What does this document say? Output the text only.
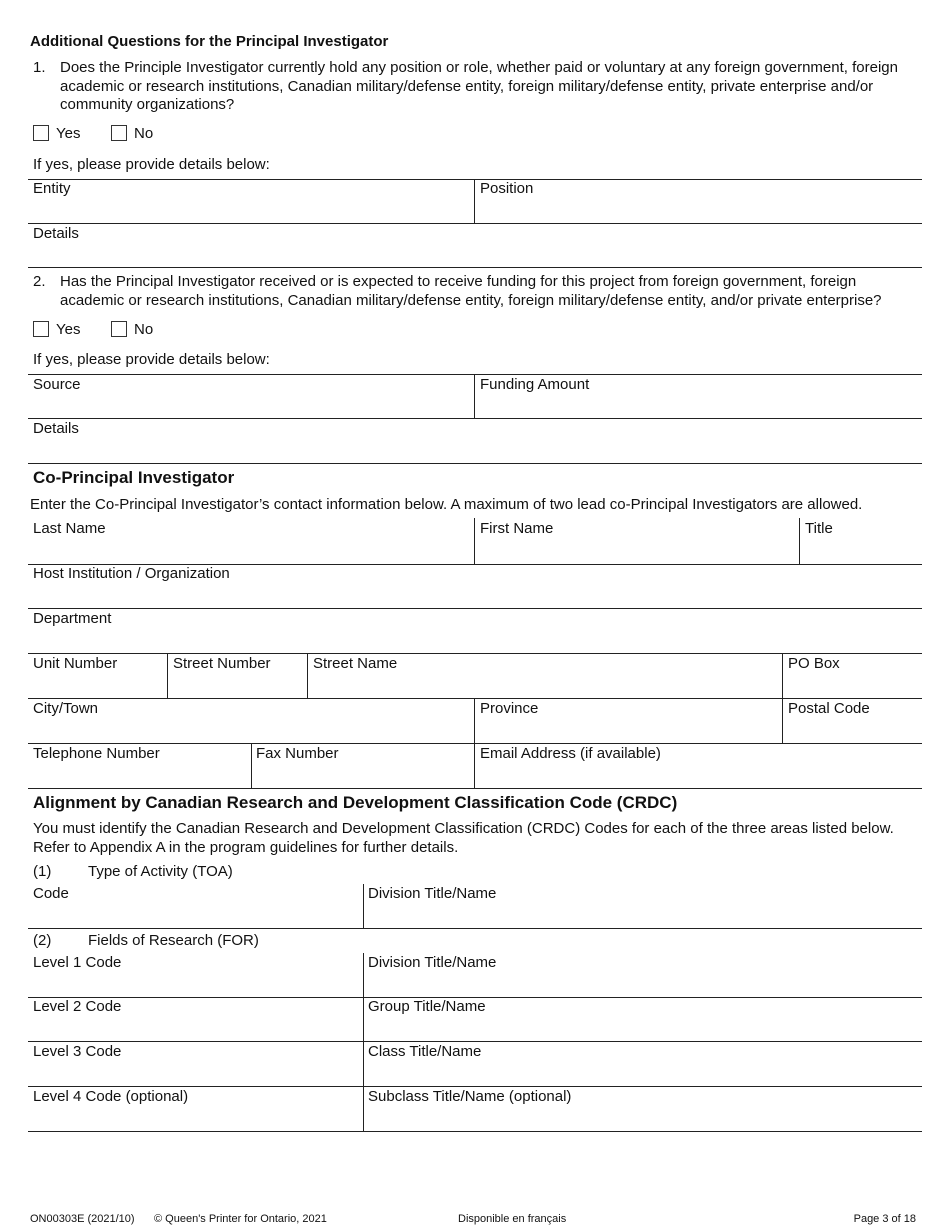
Additional Questions for the Principal Investigator
1. Does the Principle Investigator currently hold any position or role, whether paid or voluntary at any foreign government, foreign academic or research institutions, Canadian military/defense entity, foreign military/defense entity, private enterprise and/or community organizations?
Yes	No
If yes, please provide details below:
Entity	Position
Details
2. Has the Principal Investigator received or is expected to receive funding for this project from foreign government, foreign academic or research institutions, Canadian military/defense entity, foreign military/defense entity, and/or private enterprise?
Yes	No
If yes, please provide details below:
Source	Funding Amount
Details
Co-Principal Investigator
Enter the Co-Principal Investigator’s contact information below. A maximum of two lead co-Principal Investigators are allowed.
Last Name	First Name	Title
Host Institution / Organization
Department
Unit Number	Street Number	Street Name	PO Box
City/Town	Province	Postal Code
Telephone Number	Fax Number	Email Address (if available)
Alignment by Canadian Research and Development Classification Code (CRDC)
You must identify the Canadian Research and Development Classification (CRDC) Codes for each of the three areas listed below. Refer to Appendix A in the program guidelines for further details.
(1) Type of Activity (TOA)
Code	Division Title/Name
(2) Fields of Research (FOR)
Level 1 Code	Division Title/Name
Level 2 Code	Group Title/Name
Level 3 Code	Class Title/Name
Level 4 Code (optional)	Subclass Title/Name (optional)
ON00303E (2021/10) © Queen's Printer for Ontario, 2021	Disponible en français	Page 3 of 18
